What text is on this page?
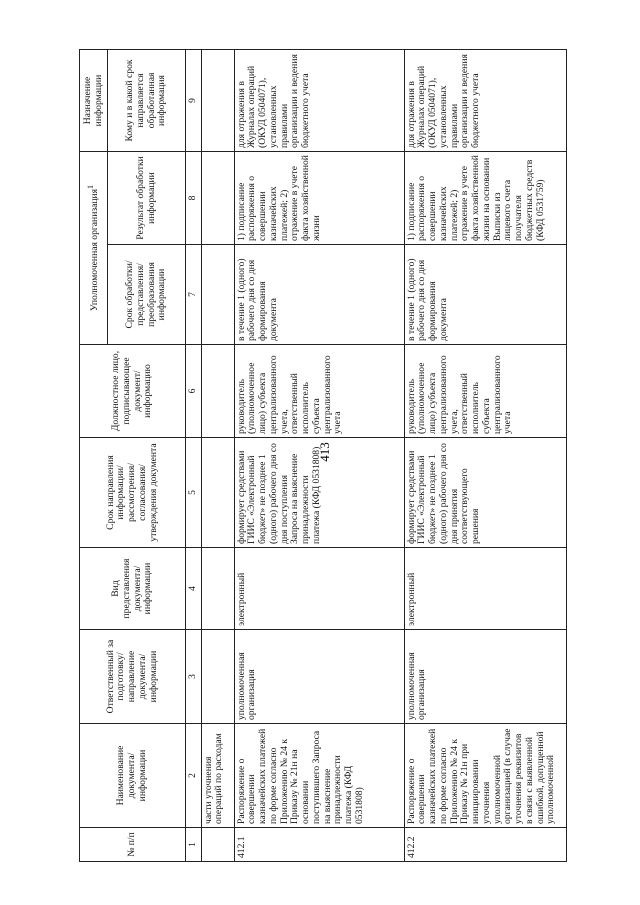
413
№ п/п	Наименование документа/ информации	Ответственный за подготовку/ направление документа/ информации	Вид представления документа/ информации	Срок направления информации/ рассмотрения/ согласования/ утверждения документа	Должностное лицо, подписывающее документ/ информацию	Уполномоченная организация$^1$		Назначение информации
						Срок обработки/ представления/ преобразования информации	Результат обработки информации	Кому и в какой срок направляется обработанная информация
1	2	3	4	5	6	7	8	9
	части уточнения операций по расходам							
412.1	Распоряжение о совершении казначейских платежей по форме согласно Приложению № 24 к Приказу № 21н на основании поступившего Запроса на выяснение принадлежности платежа (КФД 0531808)	уполномоченная организация	электронный	формирует средствами ГИИС «Электронный бюджет» не позднее 1 (одного) рабочего дня со дня поступления Запроса на выяснение принадлежности платежа (КФД 0531808)	руководитель (уполномоченное лицо) субъекта централизованного учета, ответственный исполнитель субъекта централизованного учета	в течение 1 (одного) рабочего дня со дня формирования документа	1) подписание распоряжения о совершении казначейских платежей; 2) отражение в учете факта хозяйственной жизни	для отражения в Журналах операций (ОКУД 0504071), установленных правилами организации и ведения бюджетного учета
412.2	Распоряжение о совершении казначейских платежей по форме согласно Приложению № 24 к Приказу № 21н при инициировании уточнения уполномоченной организацией (в случае уточнения реквизитов в связи с выявленной ошибкой, допущенной уполномоченной	уполномоченная организация	электронный	формирует средствами ГИИС «Электронный бюджет» не позднее 1 (одного) рабочего дня со дня принятия соответствующего решения	руководитель (уполномоченное лицо) субъекта централизованного учета, ответственный исполнитель субъекта централизованного учета	в течение 1 (одного) рабочего дня со дня формирования документа	1) подписание распоряжения о совершении казначейских платежей; 2) отражение в учете факта хозяйственной жизни на основании Выписки из лицевого счета получателя бюджетных средств (КФД 0531759)	для отражения в Журналах операций (ОКУД 0504071), установленных правилами организации и ведения бюджетного учета
